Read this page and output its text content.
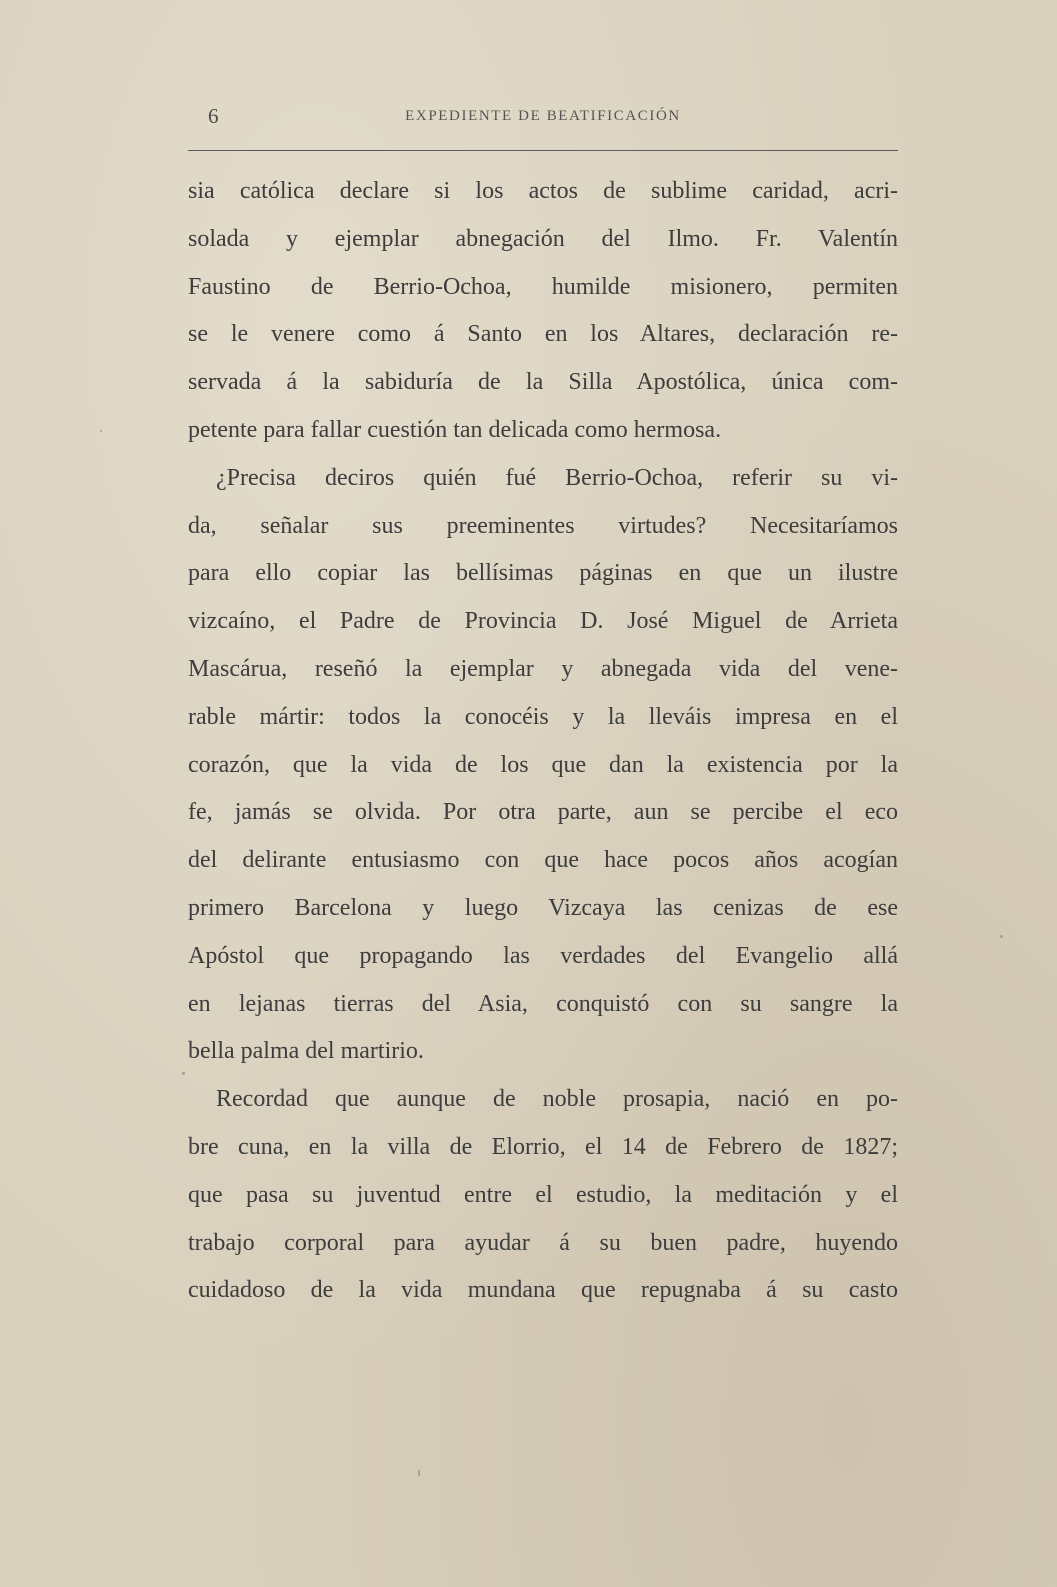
6	EXPEDIENTE DE BEATIFICACIÓN
sia católica declare si los actos de sublime caridad, acri-
solada y ejemplar abnegación del Ilmo. Fr. Valentín
Faustino de Berrio-Ochoa, humilde misionero, permiten
se le venere como á Santo en los Altares, declaración re-
servada á la sabiduría de la Silla Apostólica, única com-
petente para fallar cuestión tan delicada como hermosa.
¿Precisa deciros quién fué Berrio-Ochoa, referir su vi-
da, señalar sus preeminentes virtudes? Necesitaríamos
para ello copiar las bellísimas páginas en que un ilustre
vizcaíno, el Padre de Provincia D. José Miguel de Arrieta
Mascárua, reseñó la ejemplar y abnegada vida del vene-
rable mártir: todos la conocéis y la lleváis impresa en el
corazón, que la vida de los que dan la existencia por la
fe, jamás se olvida. Por otra parte, aun se percibe el eco
del delirante entusiasmo con que hace pocos años acogían
primero Barcelona y luego Vizcaya las cenizas de ese
Apóstol que propagando las verdades del Evangelio allá
en lejanas tierras del Asia, conquistó con su sangre la
bella palma del martirio.
Recordad que aunque de noble prosapia, nació en po-
bre cuna, en la villa de Elorrio, el 14 de Febrero de 1827;
que pasa su juventud entre el estudio, la meditación y el
trabajo corporal para ayudar á su buen padre, huyendo
cuidadoso de la vida mundana que repugnaba á su casto
